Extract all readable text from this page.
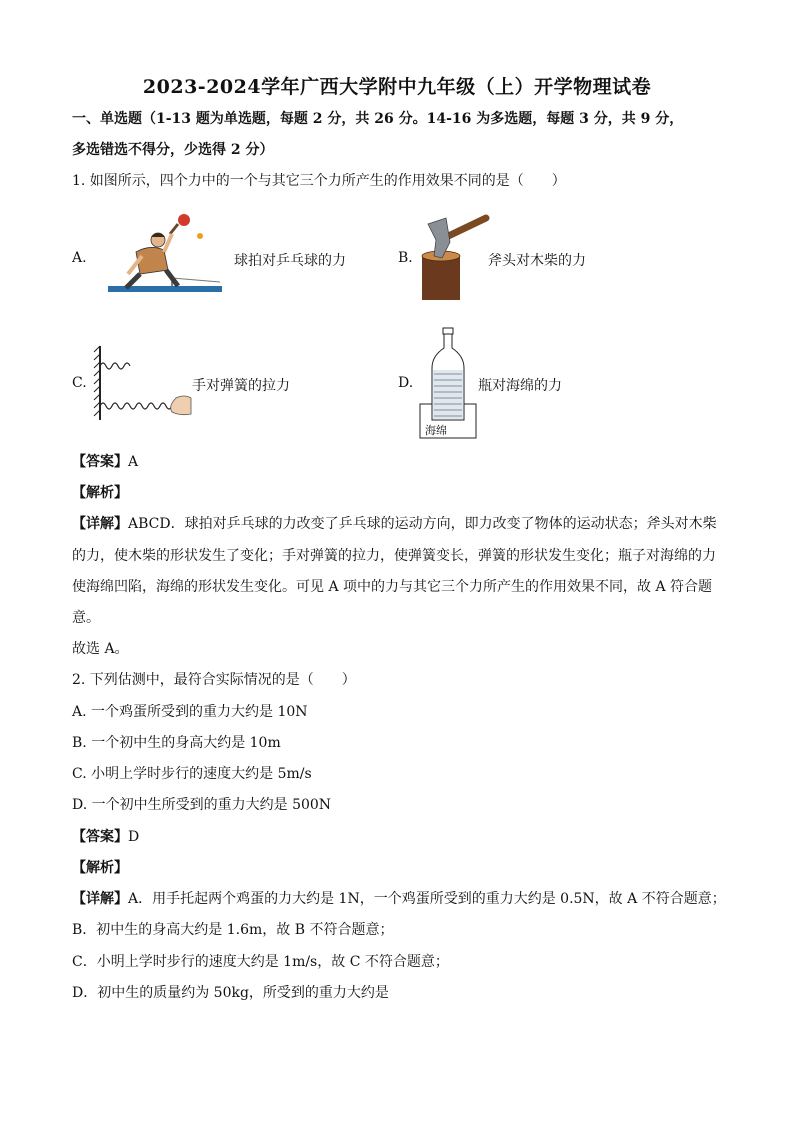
2023-2024学年广西大学附中九年级（上）开学物理试卷
一、单选题（1-13 题为单选题，每题 2 分，共 26 分。14-16 为多选题，每题 3 分，共 9 分，
多选错选不得分，少选得 2 分）
1. 如图所示，四个力中的一个与其它三个力所产生的作用效果不同的是（　　）
A.	球拍对乒乓球的力	B.	斧头对木柴的力
C.	手对弹簧的拉力	D.
海绵
瓶对海绵的力
【答案】A
【解析】
【详解】ABCD．球拍对乒乓球的力改变了乒乓球的运动方向，即力改变了物体的运动状态；斧头对木柴
的力，使木柴的形状发生了变化；手对弹簧的拉力，使弹簧变长，弹簧的形状发生变化；瓶子对海绵的力
使海绵凹陷，海绵的形状发生变化。可见 A 项中的力与其它三个力所产生的作用效果不同，故 A 符合题
意。
故选 A。
2. 下列估测中，最符合实际情况的是（　　）
A. 一个鸡蛋所受到的重力大约是 10N
B. 一个初中生的身高大约是 10m
C. 小明上学时步行的速度大约是 5m/s
D. 一个初中生所受到的重力大约是 500N
【答案】D
【解析】
【详解】A．用手托起两个鸡蛋的力大约是 1N，一个鸡蛋所受到的重力大约是 0.5N，故 A 不符合题意；
B．初中生的身高大约是 1.6m，故 B 不符合题意；
C．小明上学时步行的速度大约是 1m/s，故 C 不符合题意；
D．初中生的质量约为 50kg，所受到的重力大约是
